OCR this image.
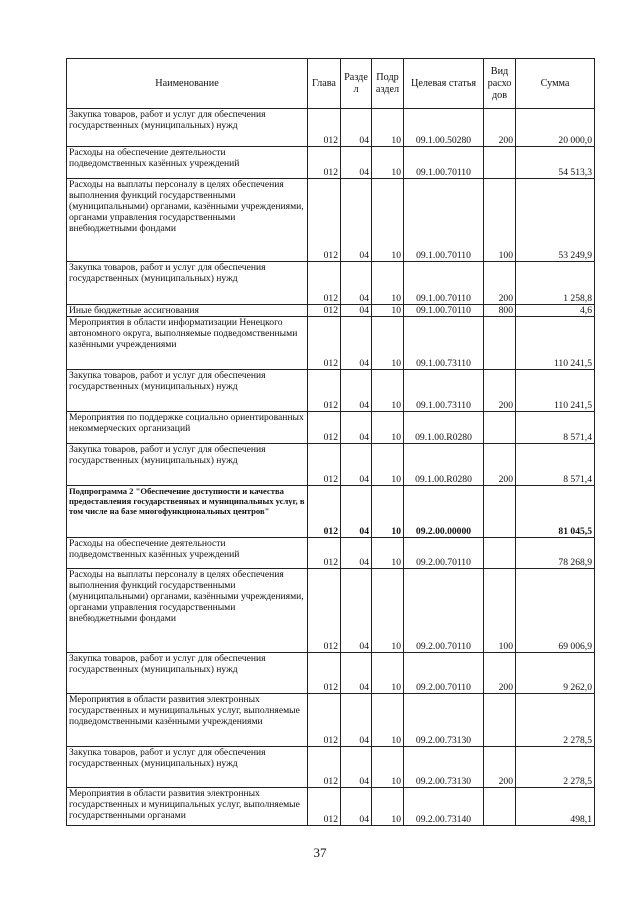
Наименование	Глава	Разде л	Подр аздел	Целевая статья	Вид расхо дов	Сумма
Закупка товаров, работ и услуг для обеспечения государственных (муниципальных) нужд	012	04	10	09.1.00.50280	200	20 000,0
Расходы на обеспечение деятельности подведомственных казённых учреждений	012	04	10	09.1.00.70110		54 513,3
Расходы на выплаты персоналу в целях обеспечения выполнения функций государственными (муниципальными) органами, казёнными учреждениями, органами управления государственными внебюджетными фондами	012	04	10	09.1.00.70110	100	53 249,9
Закупка товаров, работ и услуг для обеспечения государственных (муниципальных) нужд	012	04	10	09.1.00.70110	200	1 258,8
Иные бюджетные ассигнования	012	04	10	09.1.00.70110	800	4,6
Мероприятия в области информатизации Ненецкого автономного округа, выполняемые подведомственными казёнными учреждениями	012	04	10	09.1.00.73110		110 241,5
Закупка товаров, работ и услуг для обеспечения государственных (муниципальных) нужд	012	04	10	09.1.00.73110	200	110 241,5
Мероприятия по поддержке социально ориентированных некоммерческих организаций	012	04	10	09.1.00.R0280		8 571,4
Закупка товаров, работ и услуг для обеспечения государственных (муниципальных) нужд	012	04	10	09.1.00.R0280	200	8 571,4
Подпрограмма 2 "Обеспечение доступности и качества предоставления государственных и муниципальных услуг, в том числе на базе многофункциональных центров"	012	04	10	09.2.00.00000		81 045,5
Расходы на обеспечение деятельности подведомственных казённых учреждений	012	04	10	09.2.00.70110		78 268,9
Расходы на выплаты персоналу в целях обеспечения выполнения функций государственными (муниципальными) органами, казёнными учреждениями, органами управления государственными внебюджетными фондами	012	04	10	09.2.00.70110	100	69 006,9
Закупка товаров, работ и услуг для обеспечения государственных (муниципальных) нужд	012	04	10	09.2.00.70110	200	9 262,0
Мероприятия в области развития электронных государственных и муниципальных услуг, выполняемые подведомственными казёнными учреждениями	012	04	10	09.2.00.73130		2 278,5
Закупка товаров, работ и услуг для обеспечения государственных (муниципальных) нужд	012	04	10	09.2.00.73130	200	2 278,5
Мероприятия в области развития электронных государственных и муниципальных услуг, выполняемые государственными органами	012	04	10	09.2.00.73140		498,1
37
